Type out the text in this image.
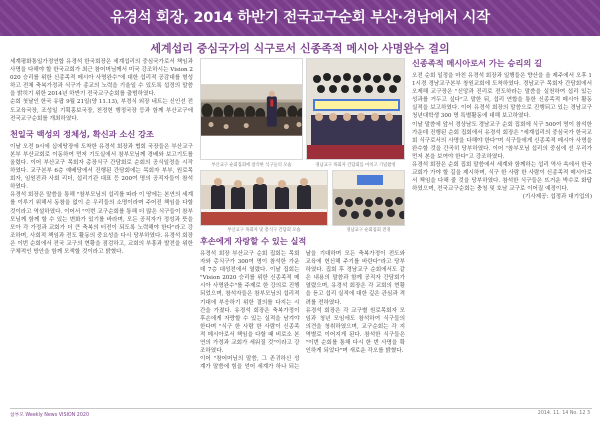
유경석 회장, 2014 하반기 전국교구순회 부산·경남에서 시작
세계섭리 중심국가의 식구로서 신종족적 메시아 사명완수 결의

세계평화통일가정연합 유경석 한국회장은 세계섭리의 중심국가로서 책임과 사명을 다해야 할 한국교회가 최근 참어머님께서 미국 강조하시는 Vision 2020 승리를 위한 신종족적 메시아 사명완수"에 대한 섭리적 공감대를 형성하고 전체 축복가정과 식구가 종교의 노력을 기울일 수 있도록 섭정의 말씀을 밝히기 위한 2014년 하반기 전국교구순회를 출범하였다.

순회 첫날인 한국 유팝 9월 21일(양 11.13), 부경식 외장 네트는 신인선 전도교육국장, 조성일 기획홍보국장, 천정헌 행정국장 등과 함께 부산교구에 전국교구순회를 개최하였다.

천일국 백성의 정체성, 확신과 소신 강조

이날 오전 9시에 십에땅장에 도착한 유경석 회장과 협회 국장들은 부산교구본부 부산교회로 이동하여 먼저 기도실에서 참부모님께 경배와 보고기도를 올렸다. 이어 부산교구 목회자 총장식구 간담회로 순회의 공식일정을 시작하였다. 교구본부 6층 예배당에서 진행된 간담회에는 목회자 부부, 원로목회자, 임원진과 사회 리더, 섭리기관 대표 등 200여 명의 공직자들이 참석하였다.

유경석 회장은 말씀을 통해 "참부모님의 섭리를 따라 이 땅에는 본연의 세계를 이루기 위해서 동참을 없이 순 우리들의 소명이라며 주어진 책임을 다할 것이라고 역설하였다. 이어서 "이번 교구순회를 통해 더 많은 식구들이 참부모님께 함께 할 수 있는 변화가 있기를 바라며, 모든 공직자가 정성과 뜻을 모아 각 가정과 교회가 더 큰 축복의 터전이 되도록 노력해야 한다"라고 강조하며, 사회적 책임과 전도 활동의 중요성을 다시 당부하였다. 유경석 회장은 이번 순회에서 전국 교구의 현황을 점검하고, 교회의 부흥과 발전을 위한 구체적인 방안을 함께 모색할 것이라고 밝혔다.

부산교구 순회집회에 참석한 식구들의 모습	경남교구 목회자 간담회를 마치고 기념촬영
부산교구 목회자 및 총식구 간담회 모습	경남교구 순회집회 전경
후손에게 자랑할 수 있는 실적

유경석 회장 부산교구 순회 집회는 목회자와 총식구가 300여 명이 참석한 가운데 7층 대성전에서 열렸다. 이날 집회는 "Vision 2020 승리를 위한 신종족적 메시아 사명완수"를 주제로 한 강의로 진행되었으며, 참석자들은 참부모님의 섭리적 기대에 부응하기 위한 결의를 다지는 시간을 가졌다. 유경석 회장은 축복가정이 후손에게 자랑할 수 있는 실적을 남겨야 한다며 "식구 한 사람 한 사람이 신종족적 메시아로서 책임을 다할 때 비로소 본연의 가정과 교회가 세워질 것"이라고 강조하였다.

이어 "참어머님의 말씀, 그 존귀하신 성계가 말씀에 힘을 얻어 세계가 하나 되는 날을 기대하며 모든 축복가정이 전도와 교육에 헌신해 주기를 바란다"라고 당부하였다. 집회 후 경남교구 순회에서도 같은 내용의 말씀과 함께 공직자 간담회가 열렸으며, 유경석 회장은 각 교회의 현황을 듣고 섭리 실적에 대한 깊은 관심과 격려를 전하였다.

유경석 회장은 각 교구별 원로목회자 모임과 청년 모임에도 참석하여 식구들의 의견을 청취하였으며, 교구순회는 각 지역별로 이어지게 된다. 참석한 식구들은 "이번 순회를 통해 다시 한 번 사명을 확인하게 되었다"며 새로운 각오를 밝혔다.

신종족적 메시아로서 가는 승리의 길

오전 순회 일정을 마친 유경석 회장과 일행들은 향산을 올 제주에서 오후 11시경 경남교구본부 창원교회에 도착하였다. 경남교구 목회자 간담회에서 오제해 교구장은 "신앙과 진리로 전도하라는 말씀을 실천하여 섭리 있는 성과를 거두고 싶다"고 말한 뒤, 섭리 연합을 통한 신종족적 메시아 활동 실적을 보고하였다. 이어 유경석 회장의 말씀으로 진행되고 있는 경남교구 청년대학생 300 명 특별활동에 대해 보고하였다.

이날 말씀에 앞서 경상남도 경남교구 순회 집회에 식구 500여 명이 참석한 가운데 진행된 순회 집회에서 유경석 회장은 "세계섭리의 중심국가 한국교회 식구로서의 사명을 다해야 한다"며 식구들에게 신종족적 메시아 사명을 완수할 것을 간곡히 당부하였다. 이어 "참부모님 섭리의 중심에 선 우리가 먼저 본을 보여야 한다"고 강조하였다.

유경석 회장은 순회 집회 말씀에서 세계와 함께하는 섭리 역사 속에서 한국교회가 가야 할 길을 제시하며, 식구 한 사람 한 사람이 신종족적 메시아로서 책임을 다해 줄 것을 당부하였다. 참석한 식구들은 뜨거운 박수로 화답하였으며, 전국교구순회는 충청 및 호남 교구로 이어질 예정이다.

(기사제공: 섭정과 대기업의)

참부모 Weekly News VISION 2020	2014. 11. 14 No. 12 3
